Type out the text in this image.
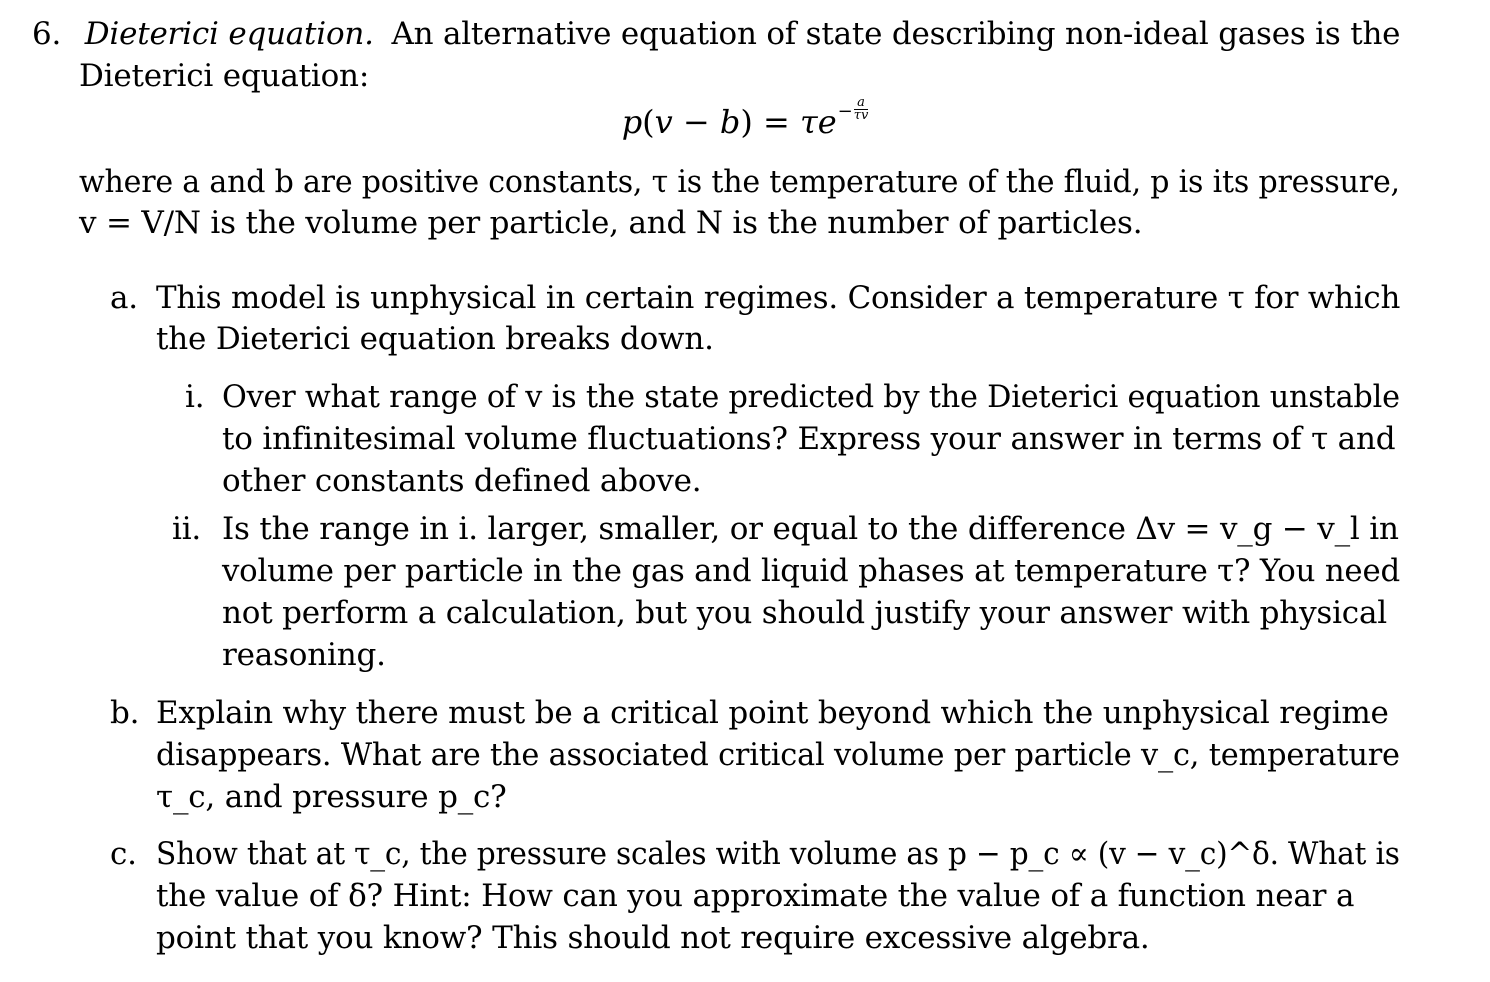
6. Dieterici equation. An alternative equation of state describing non-ideal gases is the
Dieterici equation:
$p(v - b) = \tau e^- \frac{a}{\tau v}$
where a and b are positive constants, τ is the temperature of the fluid, p is its pressure,
v = V/N is the volume per particle, and N is the number of particles.
a. This model is unphysical in certain regimes. Consider a temperature τ for which
the Dieterici equation breaks down.
i. Over what range of v is the state predicted by the Dieterici equation unstable
to infinitesimal volume fluctuations? Express your answer in terms of τ and
other constants defined above.
ii. Is the range in i. larger, smaller, or equal to the difference Δv = v_g − v_l in
volume per particle in the gas and liquid phases at temperature τ? You need
not perform a calculation, but you should justify your answer with physical
reasoning.
b. Explain why there must be a critical point beyond which the unphysical regime
disappears. What are the associated critical volume per particle v_c, temperature
τ_c, and pressure p_c?
c. Show that at τ_c, the pressure scales with volume as p − p_c ∝ (v − v_c)^δ. What is
the value of δ? Hint: How can you approximate the value of a function near a
point that you know? This should not require excessive algebra.
